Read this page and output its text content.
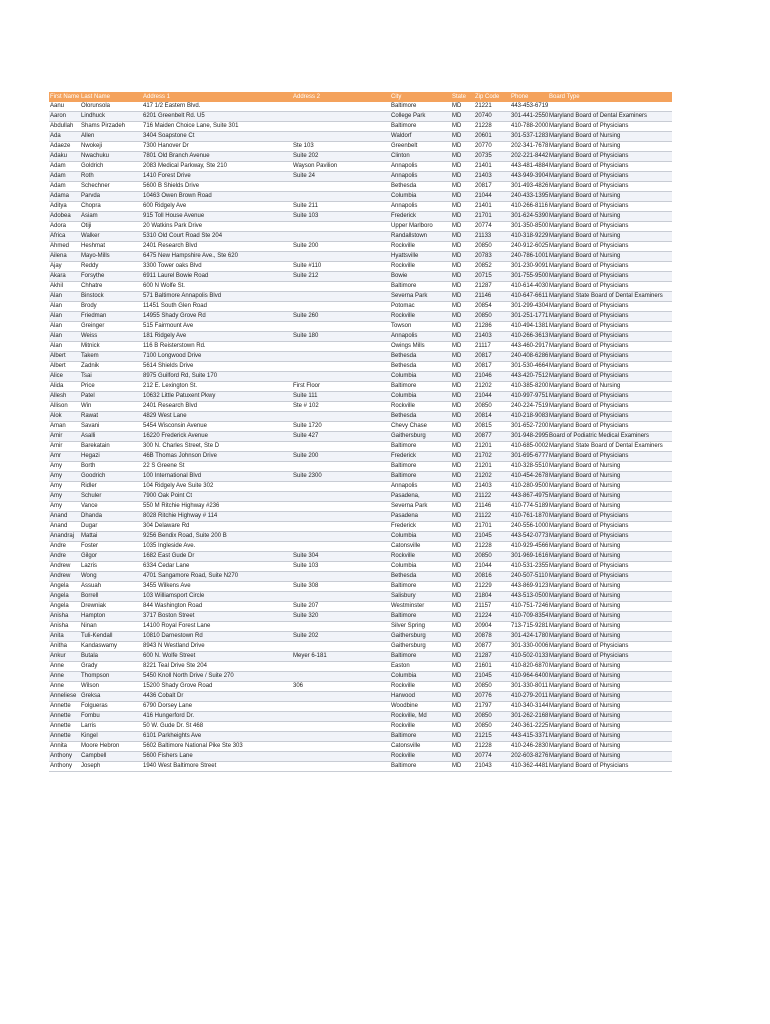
First Name	Last Name	Address 1	Address 2	City	State	Zip Code	Phone	Board Type
Aanu	Olorunsola	417 1/2 Eastern Blvd.		Baltimore	MD	21221	443-453-6719	
Aaron	Lindhuck	6201 Greenbelt Rd. U5		College Park	MD	20740	301-441-2550	Maryland Board of Dental Examiners
Abdullah	Shams Pirzadeh	716 Maiden Choice Lane, Suite 301		Baltimore	MD	21228	410-788-2000	Maryland Board of Physicians
Ada	Allen	3404 Soapstone Ct		Waldorf	MD	20601	301-537-1283	Maryland Board of Nursing
Adaeze	Nwokeji	7300 Hanover Dr	Ste 103	Greenbelt	MD	20770	202-341-7678	Maryland Board of Nursing
Adaku	Nwachuku	7801 Old Branch Avenue	Suite 202	Clinton	MD	20735	202-221-8442	Maryland Board of Physicians
Adam	Goldrich	2083 Medical Parkway, Ste 210	Wayson Pavilion	Annapolis	MD	21401	443-481-4884	Maryland Board of Physicians
Adam	Roth	1410 Forest Drive	Suite 24	Annapolis	MD	21403	443-949-3904	Maryland Board of Physicians
Adam	Schechner	5600 B Shields Drive		Bethesda	MD	20817	301-493-4826	Maryland Board of Physicians
Adama	Parvda	10463 Owen Brown Road		Columbia	MD	21044	240-433-1395	Maryland Board of Nursing
Aditya	Chopra	600 Ridgely Ave	Suite 211	Annapolis	MD	21401	410-266-8116	Maryland Board of Physicians
Adobea	Asiam	915 Toll House Avenue	Suite 103	Frederick	MD	21701	301-624-5390	Maryland Board of Nursing
Adora	Otiji	20 Watkins Park Drive		Upper Marlboro	MD	20774	301-350-8500	Maryland Board of Physicians
Africa	Walker	5310 Old Court Road Ste 204		Randallstown	MD	21133	410-318-9229	Maryland Board of Nursing
Ahmed	Heshmat	2401 Research Blvd	Suite 200	Rockville	MD	20850	240-912-6025	Maryland Board of Physicians
Ailena	Mayo-Mills	6475 New Hampshire Ave., Ste 620		Hyattsville	MD	20783	240-786-1001	Maryland Board of Nursing
Ajay	Reddy	3300 Tower oaks Blvd	Suite #110	Rockville	MD	20852	301-230-9091	Maryland Board of Physicians
Akara	Forsythe	6911 Laurel Bowie Road	Suite 212	Bowie	MD	20715	301-755-9500	Maryland Board of Physicians
Akhil	Chhatre	600 N Wolfe St.		Baltimore	MD	21287	410-614-4030	Maryland Board of Physicians
Alan	Binstock	571 Baltimore Annapolis Blvd		Severna Park	MD	21146	410-647-6611	Maryland State Board of Dental Examiners
Alan	Brody	11451 South Glen Road		Potomac	MD	20854	301-299-4304	Maryland Board of Physicians
Alan	Friedman	14955 Shady Grove Rd	Suite 260	Rockville	MD	20850	301-251-1771	Maryland Board of Physicians
Alan	Greinger	515 Fairmount Ave		Towson	MD	21286	410-494-1381	Maryland Board of Physicians
Alan	Weiss	181 Ridgely Ave	Suite 180	Annapolis	MD	21403	410-266-3613	Maryland Board of Physicians
Alan	Mitnick	116 B Reisterstown Rd.		Owings Mills	MD	21117	443-460-2917	Maryland Board of Physicians
Albert	Takem	7100 Longwood Drive		Bethesda	MD	20817	240-408-6286	Maryland Board of Physicians
Albert	Zadnik	5614 Shields Drive		Bethesda	MD	20817	301-530-4664	Maryland Board of Physicians
Alice	Tsai	8975 Guilford Rd, Suite 170		Columbia	MD	21046	443-420-7512	Maryland Board of Physicians
Alida	Price	212 E. Lexington St.	First Floor	Baltimore	MD	21202	410-385-8200	Maryland Board of Nursing
Allesh	Patel	10632 Little Patuxent Pkwy	Suite 111	Columbia	MD	21044	410-997-9751	Maryland Board of Physicians
Allison	Win	2401 Research Blvd	Ste # 102	Rockville	MD	20850	240-224-7519	Maryland Board of Physicians
Alok	Rawat	4829 West Lane		Bethesda	MD	20814	410-218-9083	Maryland Board of Physicians
Aman	Savani	5454 Wisconsin Avenue	Suite 1720	Chevy Chase	MD	20815	301-652-7200	Maryland Board of Physicians
Amir	Asalli	16220 Frederick Avenue	Suite 427	Gaithersburg	MD	20877	301-948-2995	Board of Podiatric Medical Examiners
Amir	Barekatain	300 N. Charles Street, Ste D		Baltimore	MD	21201	410-685-0002	Maryland State Board of Dental Examiners
Amr	Hegazi	46B Thomas Johnson Drive	Suite 200	Frederick	MD	21702	301-695-6777	Maryland Board of Physicians
Amy	Borth	22 S Greene St		Baltimore	MD	21201	410-328-5510	Maryland Board of Nursing
Amy	Goodrich	100 International Blvd	Suite 2300	Baltimore	MD	21202	410-454-2678	Maryland Board of Nursing
Amy	Ridler	104 Ridgely Ave Suite 302		Annapolis	MD	21403	410-280-9500	Maryland Board of Nursing
Amy	Schuler	7900 Oak Point Ct		Pasadena,	MD	21122	443-867-4975	Maryland Board of Nursing
Amy	Vance	550 M Ritchie Highway #236		Severna Park	MD	21146	410-774-5189	Maryland Board of Nursing
Anand	Dhanda	8028 Ritchie Highway # 114		Pasadena	MD	21122	410-761-1870	Maryland Board of Physicians
Anand	Dugar	304 Delaware Rd		Frederick	MD	21701	240-556-1000	Maryland Board of Physicians
Anandraj	Mattai	9256 Bendix Road, Suite 200 B		Columbia	MD	21045	443-542-0773	Maryland Board of Physicians
Andre	Foster	1035 Ingleside Ave.		Catonsville	MD	21228	410-929-4566	Maryland Board of Nursing
Andre	Gilgor	1682 East Gude Dr	Suite 304	Rockville	MD	20850	301-969-1616	Maryland Board of Nursing
Andrew	Lazris	6334 Cedar Lane	Suite 103	Columbia	MD	21044	410-531-2355	Maryland Board of Physicians
Andrew	Wong	4701 Sangamore Road, Suite N270		Bethesda	MD	20816	240-507-5110	Maryland Board of Physicians
Angela	Assuah	3455 Wilkens Ave	Suite 308	Baltimore	MD	21229	443-869-9123	Maryland Board of Nursing
Angela	Borrell	103 Williamsport Circle		Salisbury	MD	21804	443-513-0500	Maryland Board of Nursing
Angela	Drewniak	844 Washington Road	Suite 207	Westminster	MD	21157	410-751-7246	Maryland Board of Nursing
Anisha	Hampton	3717 Boston Street	Suite 320	Baltimore	MD	21224	410-709-8354	Maryland Board of Nursing
Anisha	Ninan	14100 Royal Forest Lane		Silver Spring	MD	20904	713-715-9281	Maryland Board of Nursing
Anita	Tuli-Kendall	10810 Darnestown Rd	Suite 202	Gaithersburg	MD	20878	301-424-1780	Maryland Board of Nursing
Anitha	Kandaswamy	8943 N Westland Drive		Gaithersburg	MD	20877	301-330-0006	Maryland Board of Physicians
Ankur	Butala	600 N. Wolfe Street	Meyer 6-181	Baltimore	MD	21287	410-502-0133	Maryland Board of Physicians
Anne	Grady	8221 Teal Drive Ste 204		Easton	MD	21601	410-820-6870	Maryland Board of Nursing
Anne	Thompson	5450 Knoll North Drive / Suite 270		Columbia	MD	21045	410-964-6400	Maryland Board of Nursing
Anne	Wilson	15200 Shady Grove Road	306	Rockville	MD	20850	301-330-8011	Maryland Board of Nursing
Anneliese	Greksa	4436 Cobalt Dr		Harwood	MD	20776	410-279-2011	Maryland Board of Nursing
Annette	Folgueras	6790 Dorsey Lane		Woodbine	MD	21797	410-340-3144	Maryland Board of Nursing
Annette	Fombu	416 Hungerford Dr.		Rockville, Md	MD	20850	301-262-2168	Maryland Board of Nursing
Annette	Larris	50 W. Gude Dr. St 468		Rockville	MD	20850	240-361-2225	Maryland Board of Nursing
Annette	Kingel	6101 Parkheights Ave		Baltimore	MD	21215	443-415-3371	Maryland Board of Nursing
Annita	Moore Hebron	5602 Baltimore National Pike Ste 303		Catonsville	MD	21228	410-246-2830	Maryland Board of Nursing
Anthony	Campbell	5600 Fishers Lane		Rockville	MD	20774	202-603-8276	Maryland Board of Nursing
Anthony	Joseph	1940 West Baltimore Street		Baltimore	MD	21043	410-362-4481	Maryland Board of Physicians
